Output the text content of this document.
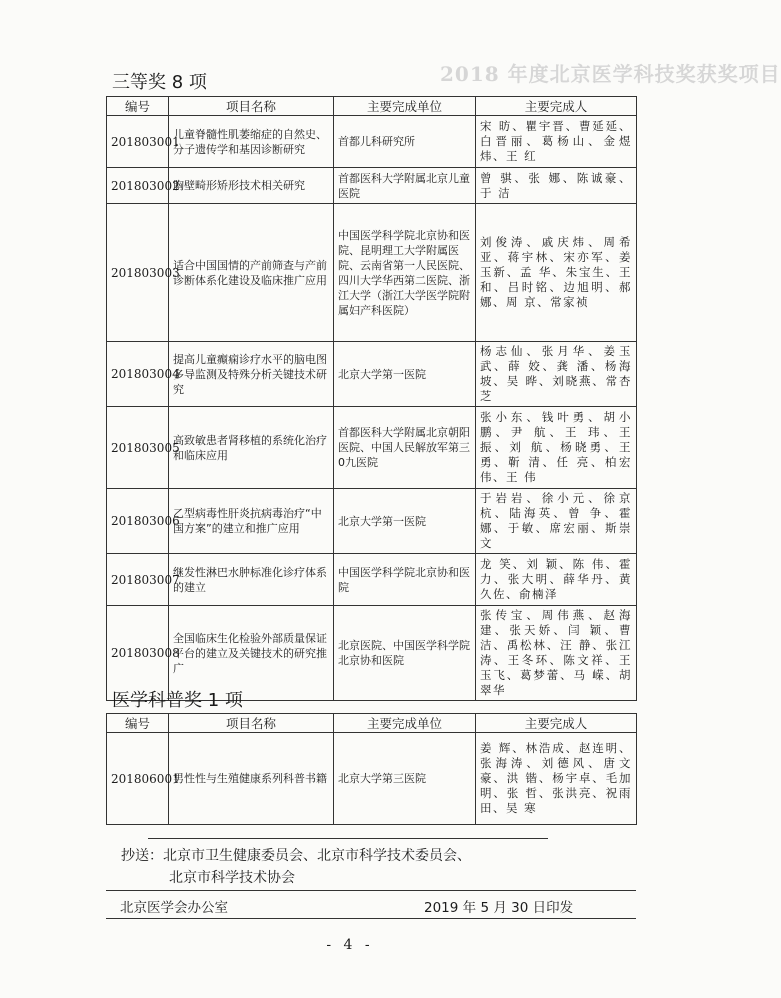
2018 年度北京医学科技奖获奖项目
三等奖 8 项
编号	项目名称	主要完成单位	主要完成人
201803001	儿童脊髓性肌萎缩症的自然史、分子遗传学和基因诊断研究	首都儿科研究所	宋 昉、瞿宇晋、曹延延、白晋丽、葛杨山、金煜炜、王 红
201803002	胸壁畸形矫形技术相关研究	首都医科大学附属北京儿童医院	曾 骐、张 娜、陈诚豪、于 洁
201803003	适合中国国情的产前筛查与产前诊断体系化建设及临床推广应用	中国医学科学院北京协和医院、昆明理工大学附属医院、云南省第一人民医院、四川大学华西第二医院、浙江大学（浙江大学医学院附属妇产科医院）	刘俊涛、戚庆炜、周希亚、蒋宇林、宋亦军、姜玉新、孟 华、朱宝生、王 和、吕时铭、边旭明、郝 娜、周 京、常家祯
201803004	提高儿童癫痫诊疗水平的脑电图多导监测及特殊分析关键技术研究	北京大学第一医院	杨志仙、张月华、姜玉武、薛 姣、龚 潘、杨海坡、吴 晔、刘晓燕、常杏芝
201803005	高致敏患者肾移植的系统化治疗和临床应用	首都医科大学附属北京朝阳医院、中国人民解放军第三0九医院	张小东、钱叶勇、胡小鹏、尹 航、王 玮、王 振、刘 航、杨晓勇、王 勇、靳 清、任 亮、柏宏伟、王 伟
201803006	乙型病毒性肝炎抗病毒治疗“中国方案”的建立和推广应用	北京大学第一医院	于岩岩、徐小元、徐京杭、陆海英、曾 争、霍娜、于敏、席宏丽、斯崇文
201803007	继发性淋巴水肿标准化诊疗体系的建立	中国医学科学院北京协和医院	龙 笑、刘 颖、陈 伟、霍 力、张大明、薛华丹、黄久佐、俞楠泽
201803008	全国临床生化检验外部质量保证平台的建立及关键技术的研究推广	北京医院、中国医学科学院北京协和医院	张传宝、周伟燕、赵海建、张天娇、闫 颖、曹 洁、禹松林、汪 静、张江涛、王冬环、陈文祥、王玉飞、葛梦蕾、马 嵘、胡翠华
医学科普奖 1 项
编号	项目名称	主要完成单位	主要完成人
201806001	男性性与生殖健康系列科普书籍	北京大学第三医院	姜 辉、林浩成、赵连明、张海涛、刘德风、唐文豪、洪 锴、杨宇卓、毛加明、张 哲、张洪亮、祝雨田、吴 寒
抄送：北京市卫生健康委员会、北京市科学技术委员会、
北京市科学技术协会
北京医学会办公室	2019 年 5 月 30 日印发
- 4 -
